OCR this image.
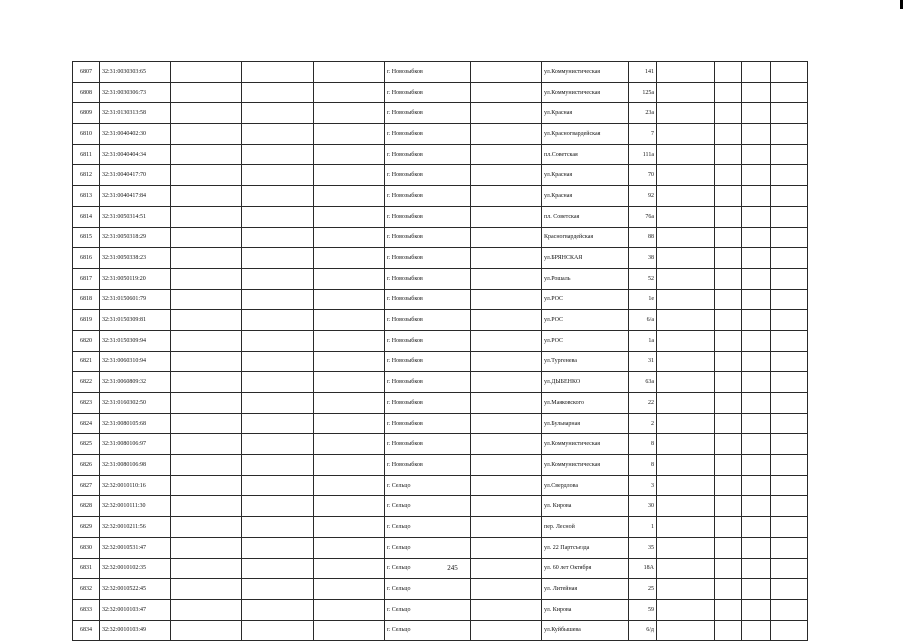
6807	32:31:0030303:65				г. Новозыбков		ул.Коммунистическая	141				
6808	32:31:0030306:73				г. Новозыбков		ул.Коммунистическая	125а				
6809	32:31:0130313:58				г. Новозыбков		ул.Красная	23а				
6810	32:31:0040402:30				г. Новозыбков		ул.Красногвардейская	7				
6811	32:31:0040404:34				г. Новозыбков		пл.Советская	111а				
6812	32:31:0040417:70				г. Новозыбков		ул.Красная	70				
6813	32:31:0040417:84				г. Новозыбков		ул.Красная	92				
6814	32:31:0050314:51				г. Новозыбков		пл. Советская	76а				
6815	32:31:0050318:29				г. Новозыбков		Красногвардейская	88				
6816	32:31:0050338:23				г. Новозыбков		ул.БРЯНСКАЯ	38				
6817	32:31:0050119:20				г. Новозыбков		ул.Рошаль	52				
6818	32:31:0150601:79				г. Новозыбков		ул.РОС	1е				
6819	32:31:0150309:81				г. Новозыбков		ул.РОС	6/а				
6820	32:31:0150309:94				г. Новозыбков		ул.РОС	1а				
6821	32:31:0060310:94				г. Новозыбков		ул.Тургенева	31				
6822	32:31:0060809:32				г. Новозыбков		ул.ДЫБЕНКО	63а				
6823	32:31:0160302:50				г. Новозыбков		ул.Маяковского	22				
6824	32:31:0080105:68				г. Новозыбков		ул.Бульварная	2				
6825	32:31:0080106:97				г. Новозыбков		ул.Коммунистическая	8				
6826	32:31:0080106:98				г. Новозыбков		ул.Коммунистическая	8				
6827	32:32:0010110:16				г. Сельцо		ул.Свердлова	3				
6828	32:32:0010111:30				г. Сельцо		ул. Кирова	30				
6829	32:32:0010211:56				г. Сельцо		пер. Лесной	1				
6830	32:32:0010531:47				г. Сельцо		ул. 22 Партсъезда	35				
6831	32:32:0010102:35				г. Сельцо		ул. 60 лет Октября	18А				
6832	32:32:0010522:45				г. Сельцо		ул. Литейная	25				
6833	32:32:0010103:47				г. Сельцо		ул. Кирова	59				
6834	32:32:0010103:49				г. Сельцо		ул.Куйбышева	6/д				
245
